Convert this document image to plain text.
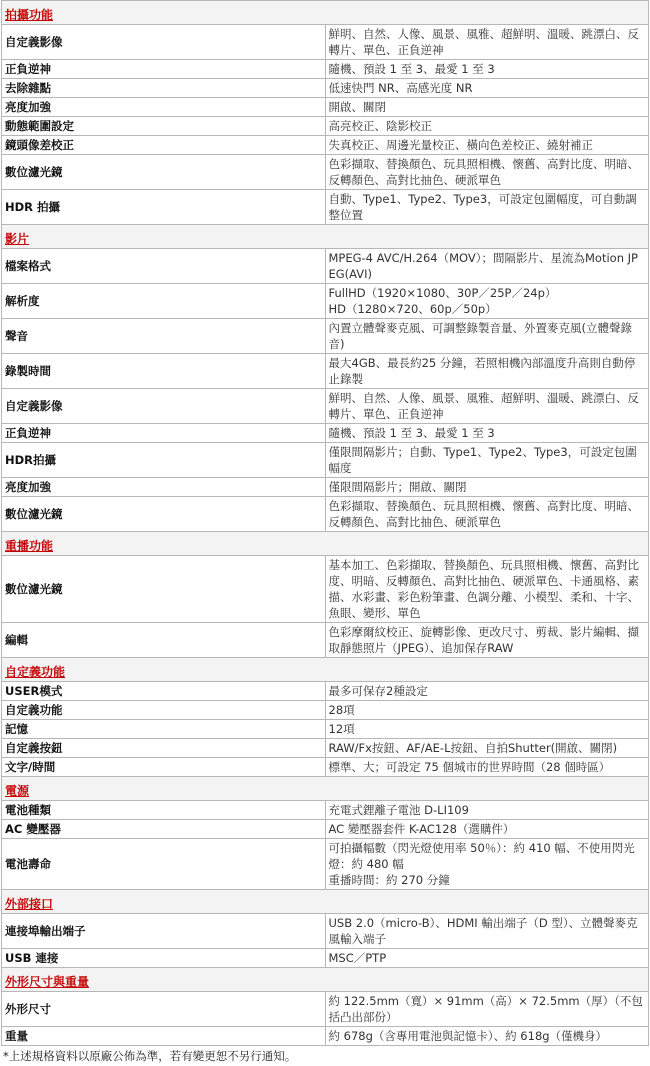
拍攝功能	
自定義影像	鮮明、自然、人像、風景、風雅、超鮮明、溫暖、跳漂白、反轉片、單色、正負逆神
正負逆神	隨機、預設 1 至 3、最愛 1 至 3
去除雜點	低速快門 NR、高感光度 NR
亮度加強	開啟、關閉
動態範圍設定	高亮校正、陰影校正
鏡頭像差校正	失真校正、周邊光量校正、橫向色差校正、繞射補正
數位濾光鏡	色彩擷取、替換顏色、玩具照相機、懷舊、高對比度、明暗、反轉顏色、高對比抽色、硬派單色
HDR 拍攝	自動、Type1、Type2、Type3，可設定包圍幅度，可自動調整位置
影片	
檔案格式	MPEG-4 AVC/H.264（MOV）；間隔影片、星流為Motion JPEG(AVI)
解析度	FullHD（1920×1080、30P／25P／24p）
HD（1280×720、60p／50p）
聲音	內置立體聲麥克風、可調整錄製音量、外置麥克風(立體聲錄音)
錄製時間	最大4GB、最長約25 分鐘，若照相機內部溫度升高則自動停止錄製
自定義影像	鮮明、自然、人像、風景、風雅、超鮮明、溫暖、跳漂白、反轉片、單色、正負逆神
正負逆神	隨機、預設 1 至 3、最愛 1 至 3
HDR拍攝	僅限間隔影片；自動、Type1、Type2、Type3，可設定包圍幅度
亮度加強	僅限間隔影片；開啟、關閉
數位濾光鏡	色彩擷取、替換顏色、玩具照相機、懷舊、高對比度、明暗、反轉顏色、高對比抽色、硬派單色
重播功能	
數位濾光鏡	基本加工、色彩擷取、替換顏色、玩具照相機、懷舊、高對比度、明暗、反轉顏色、高對比抽色、硬派單色、卡通風格、素描、水彩畫、彩色粉筆畫、色調分離、小模型、柔和、十字、魚眼、變形、單色
編輯	色彩摩爾紋校正、旋轉影像、更改尺寸、剪裁、影片編輯、擷取靜態照片（JPEG）、追加保存RAW
自定義功能	
USER模式	最多可保存2種設定
自定義功能	28項
記憶	12項
自定義按鈕	RAW/Fx按鈕、AF/AE-L按鈕、自拍Shutter(開啟、關閉)
文字/時間	標準、大；可設定 75 個城市的世界時間（28 個時區）
電源	
電池種類	充電式鋰離子電池 D-LI109
AC 變壓器	AC 變壓器套件 K-AC128（選購件）
電池壽命	可拍攝幅數（閃光燈使用率 50％）：約 410 幅、不使用閃光燈：約 480 幅
重播時間：約 270 分鐘
外部接口	
連接埠輸出端子	USB 2.0（micro-B）、HDMI 輸出端子（D 型）、立體聲麥克風輸入端子
USB 連接	MSC／PTP
外形尺寸與重量	
外形尺寸	約 122.5mm（寬）× 91mm（高）× 72.5mm（厚）（不包括凸出部份）
重量	約 678g（含專用電池與記憶卡）、約 618g（僅機身）
*上述規格資料以原廠公佈為準，若有變更恕不另行通知。
